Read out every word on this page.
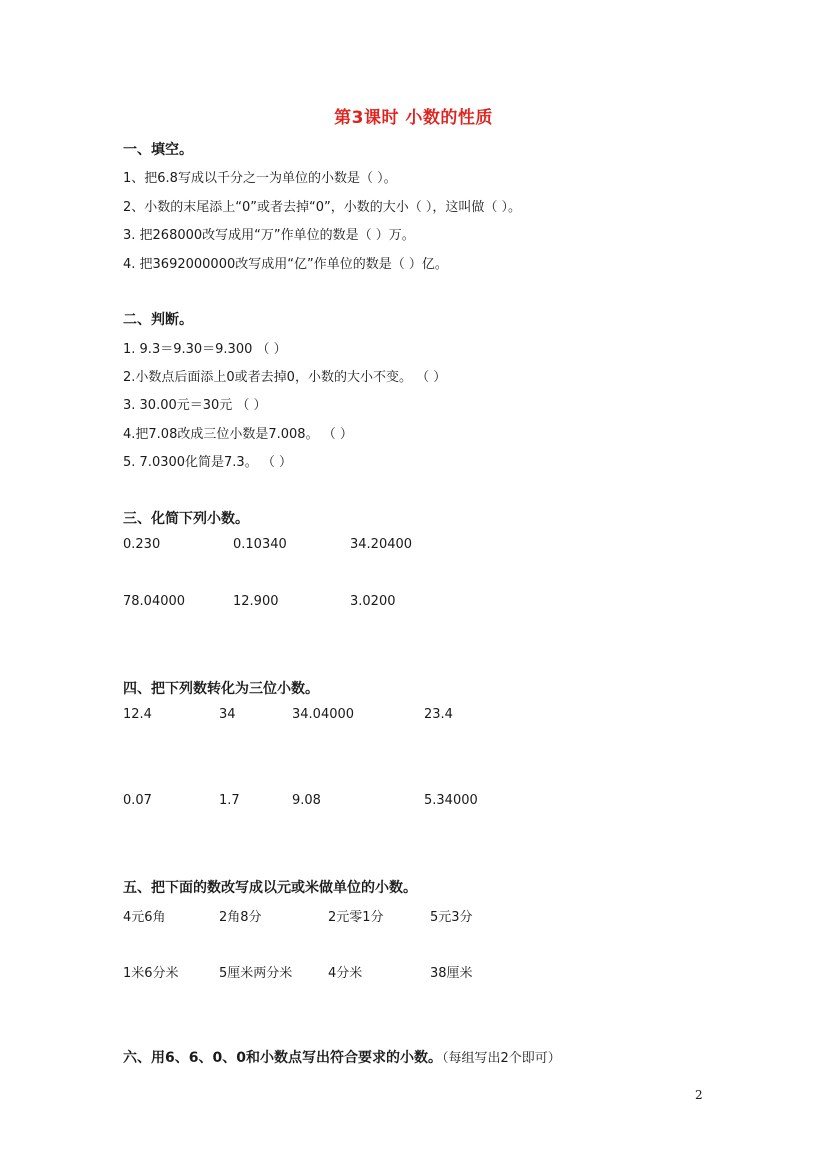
第3课时 小数的性质
一、填空。
1、把6.8写成以千分之一为单位的小数是（ ）。
2、小数的末尾添上“0”或者去掉“0”，小数的大小（ ），这叫做（ ）。
3. 把268000改写成用“万”作单位的数是（ ）万。
4. 把3692000000改写成用“亿”作单位的数是（ ）亿。
二、判断。
1. 9.3＝9.30＝9.300 （ ）
2.小数点后面添上0或者去掉0，小数的大小不变。 （ ）
3. 30.00元＝30元 （ ）
4.把7.08改成三位小数是7.008。 （ ）
5. 7.0300化简是7.3。 （ ）
三、化简下列小数。
0.230	0.10340	34.20400
78.04000	12.900	3.0200
四、把下列数转化为三位小数。
12.4	34	34.04000	23.4
0.07	1.7	9.08	5.34000
五、把下面的数改写成以元或米做单位的小数。
4元6角	2角8分	2元零1分	5元3分
1米6分米	5厘米两分米	4分米	38厘米
六、用6、6、0、0和小数点写出符合要求的小数。（每组写出2个即可）
2
